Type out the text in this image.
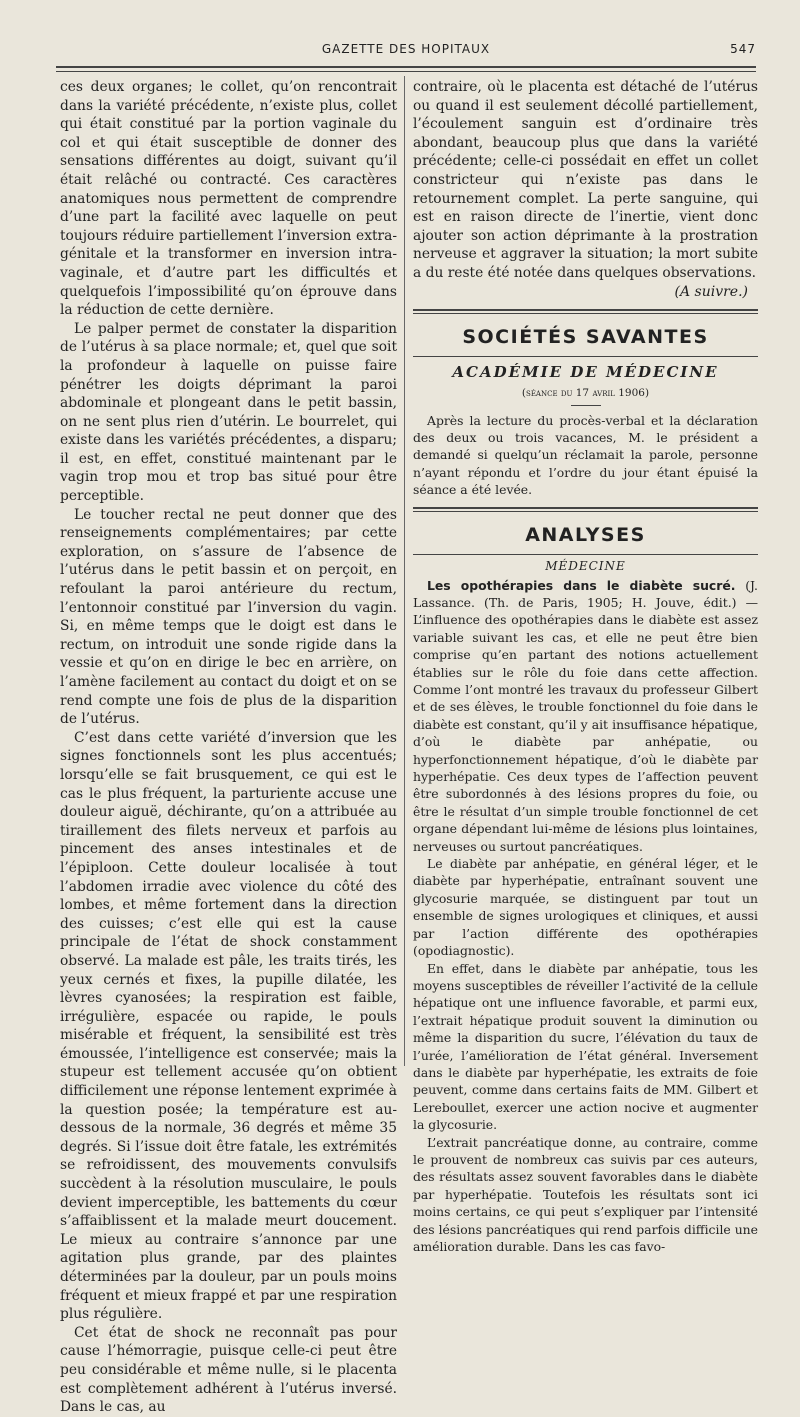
GAZETTE DES HOPITAUX	547

ces deux organes; le collet, qu’on rencontrait dans la variété précédente, n’existe plus, collet qui était constitué par la portion vaginale du col et qui était susceptible de donner des sensations différentes au doigt, suivant qu’il était relâché ou contracté. Ces caractères anatomiques nous permettent de comprendre d’une part la facilité avec laquelle on peut toujours réduire partiellement l’inversion extra-génitale et la transformer en inversion intra-vaginale, et d’autre part les difficultés et quelquefois l’impossibilité qu’on éprouve dans la réduction de cette dernière.

Le palper permet de constater la disparition de l’utérus à sa place normale; et, quel que soit la profondeur à laquelle on puisse faire pénétrer les doigts déprimant la paroi abdominale et plongeant dans le petit bassin, on ne sent plus rien d’utérin. Le bourrelet, qui existe dans les variétés précédentes, a disparu; il est, en effet, constitué maintenant par le vagin trop mou et trop bas situé pour être perceptible.

Le toucher rectal ne peut donner que des renseignements complémentaires; par cette exploration, on s’assure de l’absence de l’utérus dans le petit bassin et on perçoit, en refoulant la paroi antérieure du rectum, l’entonnoir constitué par l’inversion du vagin. Si, en même temps que le doigt est dans le rectum, on introduit une sonde rigide dans la vessie et qu’on en dirige le bec en arrière, on l’amène facilement au contact du doigt et on se rend compte une fois de plus de la disparition de l’utérus.

C’est dans cette variété d’inversion que les signes fonctionnels sont les plus accentués; lorsqu’elle se fait brusquement, ce qui est le cas le plus fréquent, la parturiente accuse une douleur aiguë, déchirante, qu’on a attribuée au tiraillement des filets nerveux et parfois au pincement des anses intestinales et de l’épiploon. Cette douleur localisée à tout l’abdomen irradie avec violence du côté des lombes, et même fortement dans la direction des cuisses; c’est elle qui est la cause principale de l’état de shock constamment observé. La malade est pâle, les traits tirés, les yeux cernés et fixes, la pupille dilatée, les lèvres cyanosées; la respiration est faible, irrégulière, espacée ou rapide, le pouls misérable et fréquent, la sensibilité est très émoussée, l’intelligence est conservée; mais la stupeur est tellement accusée qu’on obtient difficilement une réponse lentement exprimée à la question posée; la température est au-dessous de la normale, 36 degrés et même 35 degrés. Si l’issue doit être fatale, les extrémités se refroidissent, des mouvements convulsifs succèdent à la résolution musculaire, le pouls devient imperceptible, les battements du cœur s’affaiblissent et la malade meurt doucement. Le mieux au contraire s’annonce par une agitation plus grande, par des plaintes déterminées par la douleur, par un pouls moins fréquent et mieux frappé et par une respiration plus régulière.

Cet état de shock ne reconnaît pas pour cause l’hémorragie, puisque celle-ci peut être peu considérable et même nulle, si le placenta est complètement adhérent à l’utérus inversé. Dans le cas, au

contraire, où le placenta est détaché de l’utérus ou quand il est seulement décollé partiellement, l’écoulement sanguin est d’ordinaire très abondant, beaucoup plus que dans la variété précédente; celle-ci possédait en effet un collet constricteur qui n’existe pas dans le retournement complet. La perte sanguine, qui est en raison directe de l’inertie, vient donc ajouter son action déprimante à la prostration nerveuse et aggraver la situation; la mort subite a du reste été notée dans quelques observations.

(A suivre.)
SOCIÉTÉS SAVANTES
ACADÉMIE DE MÉDECINE
(séance du 17 avril 1906)

Après la lecture du procès-verbal et la déclaration des deux ou trois vacances, M. le président a demandé si quelqu’un réclamait la parole, personne n’ayant répondu et l’ordre du jour étant épuisé la séance a été levée.

ANALYSES
MÉDECINE

Les opothérapies dans le diabète sucré. (J. Lassance. (Th. de Paris, 1905; H. Jouve, édit.) — L’influence des opothérapies dans le diabète est assez variable suivant les cas, et elle ne peut être bien comprise qu’en partant des notions actuellement établies sur le rôle du foie dans cette affection. Comme l’ont montré les travaux du professeur Gilbert et de ses élèves, le trouble fonctionnel du foie dans le diabète est constant, qu’il y ait insuffisance hépatique, d’où le diabète par anhépatie, ou hyperfonctionnement hépatique, d’où le diabète par hyperhépatie. Ces deux types de l’affection peuvent être subordonnés à des lésions propres du foie, ou être le résultat d’un simple trouble fonctionnel de cet organe dépendant lui-même de lésions plus lointaines, nerveuses ou surtout pancréatiques.

Le diabète par anhépatie, en général léger, et le diabète par hyperhépatie, entraînant souvent une glycosurie marquée, se distinguent par tout un ensemble de signes urologiques et cliniques, et aussi par l’action différente des opothérapies (opodiagnostic).

En effet, dans le diabète par anhépatie, tous les moyens susceptibles de réveiller l’activité de la cellule hépatique ont une influence favorable, et parmi eux, l’extrait hépatique produit souvent la diminution ou même la disparition du sucre, l’élévation du taux de l’urée, l’amélioration de l’état général. Inversement dans le diabète par hyperhépatie, les extraits de foie peuvent, comme dans certains faits de MM. Gilbert et Lereboullet, exercer une action nocive et augmenter la glycosurie.

L’extrait pancréatique donne, au contraire, comme le prouvent de nombreux cas suivis par ces auteurs, des résultats assez souvent favorables dans le diabète par hyperhépatie. Toutefois les résultats sont ici moins certains, ce qui peut s’expliquer par l’intensité des lésions pancréatiques qui rend parfois difficile une amélioration durable. Dans les cas favo-
